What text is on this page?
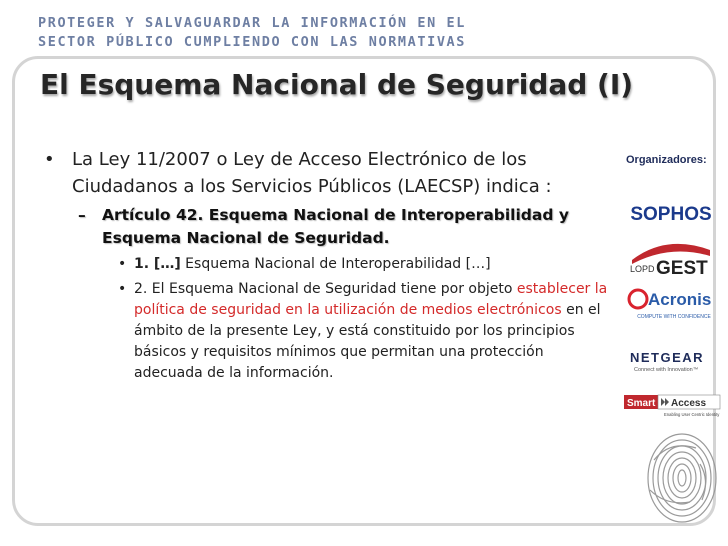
PROTEGER Y SALVAGUARDAR LA INFORMACIÓN EN EL
SECTOR PÚBLICO CUMPLIENDO CON LAS NORMATIVAS
El Esquema Nacional de Seguridad (I)
• La Ley 11/2007 o Ley de Acceso Electrónico de los Ciudadanos a los Servicios Públicos (LAECSP) indica :
– Artículo 42. Esquema Nacional de Interoperabilidad y Esquema Nacional de Seguridad.
• 1. […] Esquema Nacional de Interoperabilidad […]
• 2. El Esquema Nacional de Seguridad tiene por objeto establecer la política de seguridad en la utilización de medios electrónicos en el ámbito de la presente Ley, y está constituido por los principios básicos y requisitos mínimos que permitan una protección adecuada de la información.
Organizadores:
SOPHOS
LOPD GEST
Acronis
COMPUTE WITH CONFIDENCE
NETGEAR
Connect with Innovation™
Smart Access
Enabling User Centric Identity
